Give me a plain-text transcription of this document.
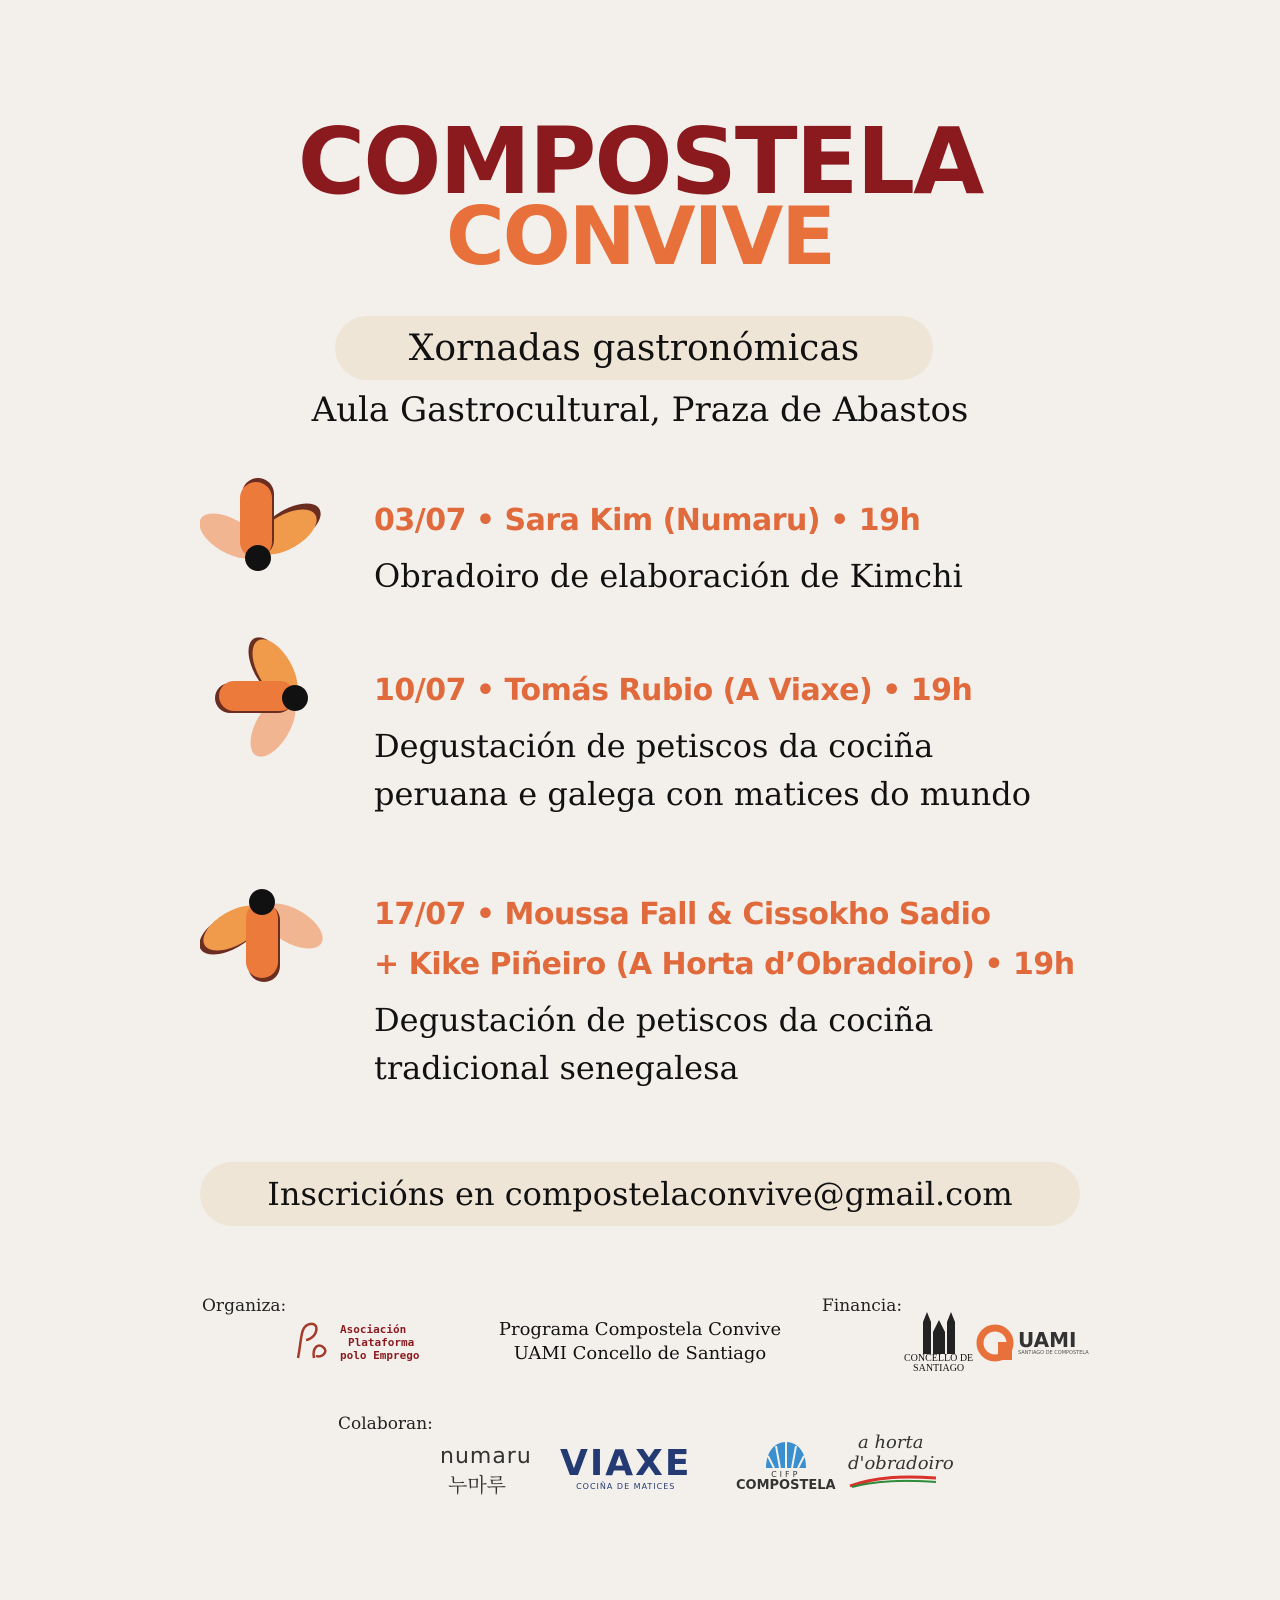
COMPOSTELA
CONVIVE
Xornadas gastronómicas
Aula Gastrocultural, Praza de Abastos
03/07 • Sara Kim (Numaru) • 19h
Obradoiro de elaboración de Kimchi
10/07 • Tomás Rubio (A Viaxe) • 19h
Degustación de petiscos da cociña
peruana e galega con matices do mundo
17/07 • Moussa Fall & Cissokho Sadio
+ Kike Piñeiro (A Horta d’Obradoiro) • 19h
Degustación de petiscos da cociña
tradicional senegalesa
Inscricións en compostelaconvive@gmail.com
Organiza:
Asociación
Plataforma
polo Emprego
Programa Compostela Convive
UAMI Concello de Santiago
Financia:
CONCELLO DE
SANTIAGO
UAMI
SANTIAGO DE COMPOSTELA
Colaboran:
numaru
누마루
VIAXE
COCIÑA DE MATICES
CIFP
COMPOSTELA
a horta
d'obradoiro
